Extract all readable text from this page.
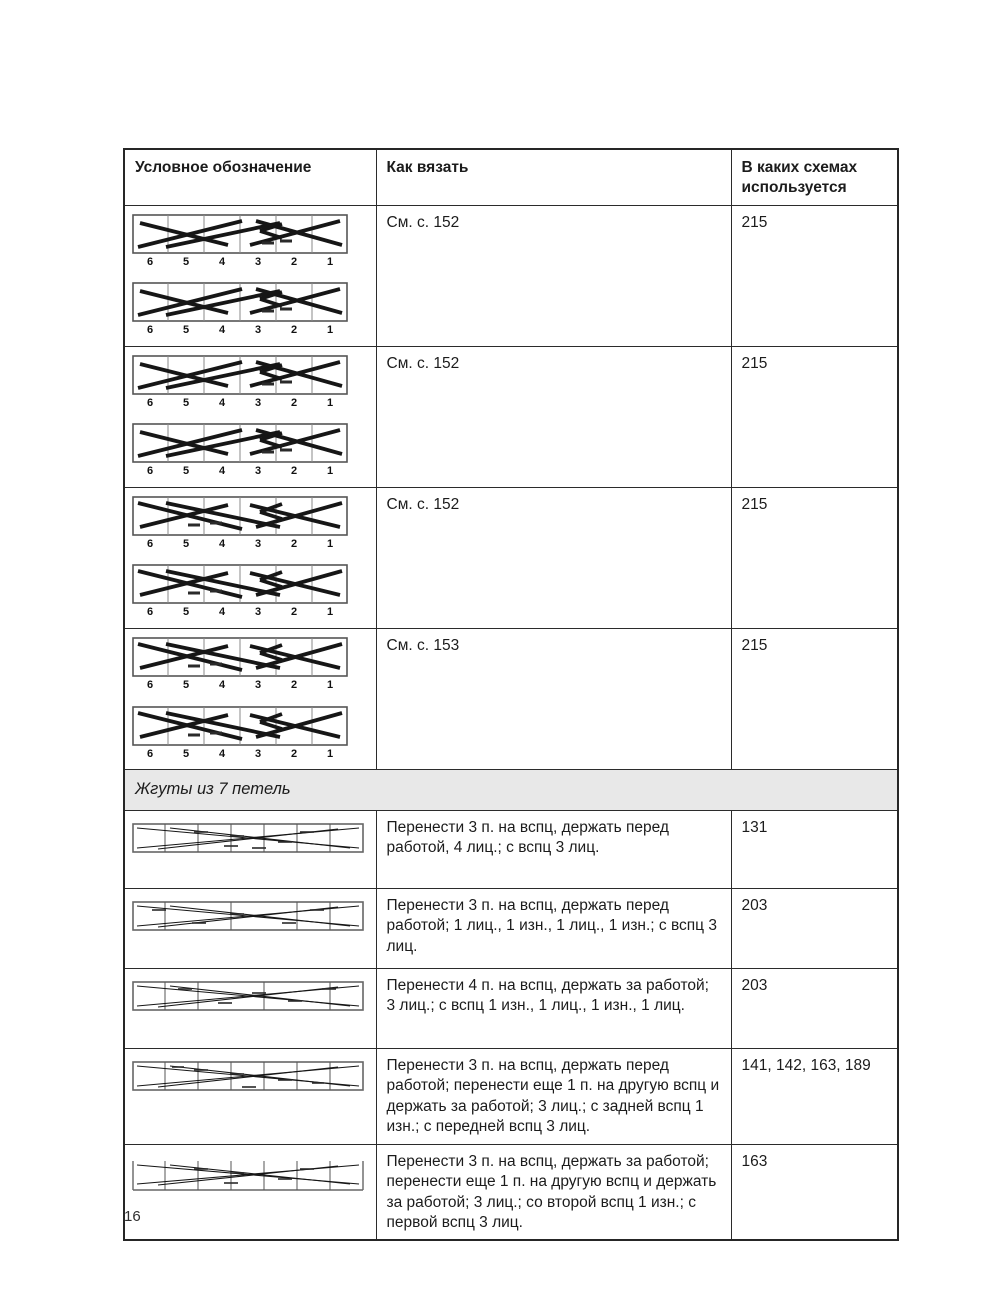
Условное обозначение	Как вязать	В каких схемах используется

6	5	4	3	2	1
6	5	4	3	2	1
	См. с. 152	215

6	5	4	3	2	1
6	5	4	3	2	1
	См. с. 152	215

6	5	4	3	2	1
6	5	4	3	2	1
	См. с. 152	215

6	5	4	3	2	1
6	5	4	3	2	1
	См. с. 153	215
Жгуты из 7 петель		

	Перенести 3 п. на вспц, держать перед работой, 4 лиц.; с вспц 3 лиц.	131

	Перенести 3 п. на вспц, держать перед работой; 1 лиц., 1 изн., 1 лиц., 1 изн.; с вспц 3 лиц.	203

	Перенести 4 п. на вспц, держать за работой; 3 лиц.; с вспц 1 изн., 1 лиц., 1 изн., 1 лиц.	203

	Перенести 3 п. на вспц, держать перед работой; перенести еще 1 п. на другую вспц и держать за работой; 3 лиц.; с задней вспц 1 изн.; с передней вспц 3 лиц.	141, 142, 163, 189

	Перенести 3 п. на вспц, держать за работой; перенести еще 1 п. на другую вспц и держать за работой; 3 лиц.; со второй вспц 1 изн.; с первой вспц 3 лиц.	163
16
